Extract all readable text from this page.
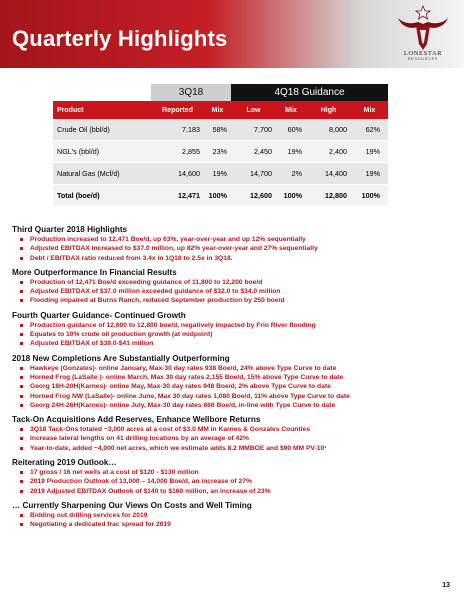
Quarterly Highlights
LONESTAR
RESOURCES
3Q18	4Q18 Guidance
Product	Reported	Mix	Low	Mix	High	Mix
Crude Oil (bbl/d)	7,183	58%	7,700	60%	8,000	62%
NGL's (bbl/d)	2,855	23%	2,450	19%	2,400	19%
Natural Gas (Mcf/d)	14,600	19%	14,700	2%	14,400	19%
Total (boe/d)	12,471	100%	12,600	100%	12,800	100%
Third Quarter 2018 Highlights
Production increased to 12,471 Boe/d, up 63%, year-over-year and up 12% sequentially
Adjusted EBITDAX increased to $37.0 million, up 82% year-over-year and 27% sequentially
Debt / EBITDAX ratio reduced from 3.4x in 1Q18 to 2.5x in 3Q18.
More Outperformance In Financial Results
Production of 12,471 Boe/d exceeding guidance of 11,800 to 12,200 boe/d
Adjusted EBITDAX of $37.0 million exceeded guidance of $32.0 to $34.0 million
Flooding impaired at Burns Ranch, reduced September production by 250 boe/d
Fourth Quarter Guidance- Continued Growth
Production guidance of 12,600 to 12,800 boe/d, negatively impacted by Frio River flooding
Equates to 10% crude oil production growth (at midpoint)
Adjusted EBITDAX of $39.0-$41 million
2018 New Completions Are Substantially Outperforming
Hawkeye (Gonzales)- online January, Max-30 day rates 938 Boe/d, 24% above Type Curve to date
Horned Frog (LaSalle )- online March, Max 30 day rates 2,155 Boe/d, 15% above Type Curve to date
Georg 18H-20H(Karnes)- online May, Max-30 day rates 948 Boe/d, 2% above Type Curve to date
Horned Frog NW (LaSalle)- online June, Max 30 day rates 1,080 Boe/d, 11% above Type Curve to date
Georg 24H-26H(Karnes)- online July, Max-30 day rates 866 Boe/d, in-line with Type Curve to date
Tack-On Acquisitions Add Reserves, Enhance Wellbore Returns
3Q18 Tack-Ons totaled ~3,000 acres at a cost of $3.0 MM in Karnes & Gonzales Counties
Increase lateral lengths on 41 drilling locations by an average of 42%
Year-to-date, added ~4,000 net acres, which we estimate adds 8.2 MMBOE and $90 MM PV-10¹
Reiterating 2019 Outlook…
17 gross / 16 net wells at a cost of $120 - $130 million
2019 Production Outlook of 13,000 – 14,000 Boe/d, an increase of 27%
2019 Adjusted EBITDAX Outlook of $140 to $160 million, an increase of 23%
… Currently Sharpening Our Views On Costs and Well Timing
Bidding out drilling services for 2019
Negotiating a dedicated frac spread for 2019
13
